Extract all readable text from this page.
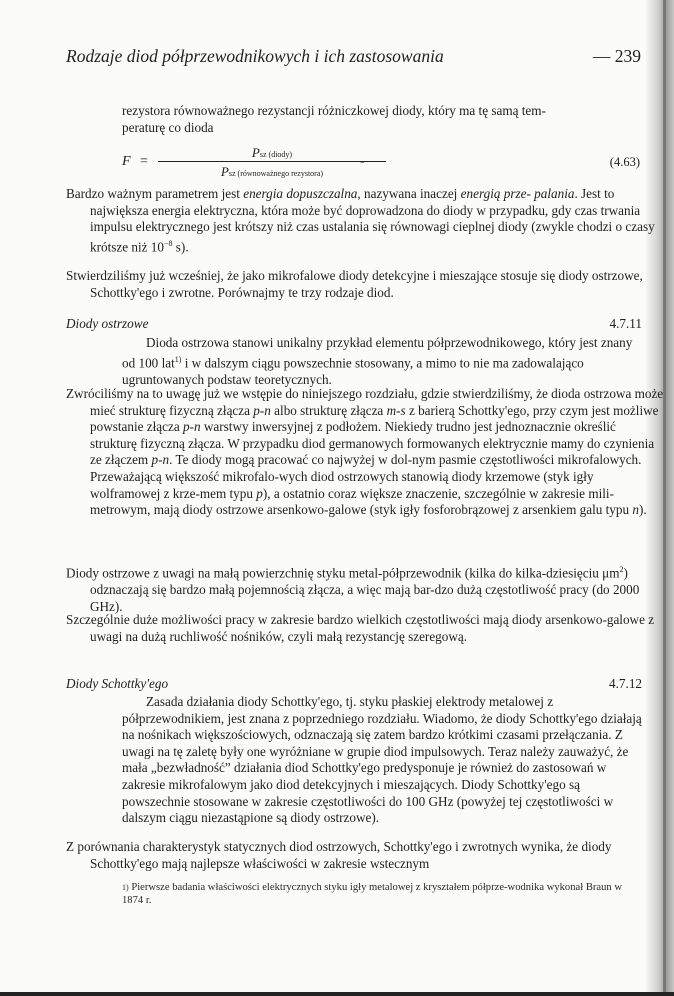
Rodzaje diod półprzewodnikowych i ich zastosowania	— 239
rezystora równoważnego rezystancji różniczkowej diody, który ma tę samą tem-
peraturę co dioda
F =
Psz (diody)
Psz (równoważnego rezystora)
-	(4.63)
Bardzo ważnym parametrem jest energia dopuszczalna, nazywana inaczej energią prze- palania. Jest to największa energia elektryczna, która może być doprowadzona do diody w przypadku, gdy czas trwania impulsu elektrycznego jest krótszy niż czas ustalania się równowagi cieplnej diody (zwykle chodzi o czasy krótsze niż $10^{-8}$ s).
Stwierdziliśmy już wcześniej, że jako mikrofalowe diody detekcyjne i mieszające stosuje się diody ostrzowe, Schottky'ego i zwrotne. Porównajmy te trzy rodzaje diod.
Diody ostrzowe	4.7.11
Dioda ostrzowa stanowi unikalny przykład elementu półprzewodnikowego, który jest znany od 100 lat$^{1)}$ i w dalszym ciągu powszechnie stosowany, a mimo to nie ma zadowalająco ugruntowanych podstaw teoretycznych.
Zwróciliśmy na to uwagę już we wstępie do niniejszego rozdziału, gdzie stwierdziliśmy, że dioda ostrzowa może mieć strukturę fizyczną złącza p-n albo strukturę złącza m-s z barierą Schottky'ego, przy czym jest możliwe powstanie złącza p-n warstwy inwersyjnej z podłożem. Niekiedy trudno jest jednoznacznie określić strukturę fizyczną złącza. W przypadku diod germanowych formowanych elektrycznie mamy do czynienia ze złączem p-n. Te diody mogą pracować co najwyżej w dol-nym pasmie częstotliwości mikrofalowych. Przeważającą większość mikrofalo-wych diod ostrzowych stanowią diody krzemowe (styk igły wolframowej z krze-mem typu p), a ostatnio coraz większe znaczenie, szczególnie w zakresie mili-metrowym, mają diody ostrzowe arsenkowo-galowe (styk igły fosforobrązowej z arsenkiem galu typu n).
Diody ostrzowe z uwagi na małą powierzchnię styku metal-półprzewodnik (kilka do kilka-dziesięciu $\mu m^2$) odznaczają się bardzo małą pojemnością złącza, a więc mają bar-dzo dużą częstotliwość pracy (do 2000 GHz).
Szczególnie duże możliwości pracy w zakresie bardzo wielkich częstotliwości mają diody arsenkowo-galowe z uwagi na dużą ruchliwość nośników, czyli małą rezystancję szeregową.
Diody Schottky'ego	4.7.12
Zasada działania diody Schottky'ego, tj. styku płaskiej elektrody metalowej z półprzewodnikiem, jest znana z poprzedniego rozdziału. Wiadomo, że diody Schottky'ego działają na nośnikach większościowych, odznaczają się zatem bardzo krótkimi czasami przełączania. Z uwagi na tę zaletę były one wyróżniane w grupie diod impulsowych. Teraz należy zauważyć, że mała „bezwładność” działania diod Schottky'ego predysponuje je również do zastosowań w zakresie mikrofalowym jako diod detekcyjnych i mieszających. Diody Schottky'ego są powszechnie stosowane w zakresie częstotliwości do 100 GHz (powyżej tej częstotliwości w dalszym ciągu niezastąpione są diody ostrzowe).
Z porównania charakterystyk statycznych diod ostrzowych, Schottky'ego i zwrotnych wynika, że diody Schottky'ego mają najlepsze właściwości w zakresie wstecznym
$^{1)}$ Pierwsze badania właściwości elektrycznych styku igły metalowej z kryształem półprze-wodnika wykonał Braun w 1874 r.
